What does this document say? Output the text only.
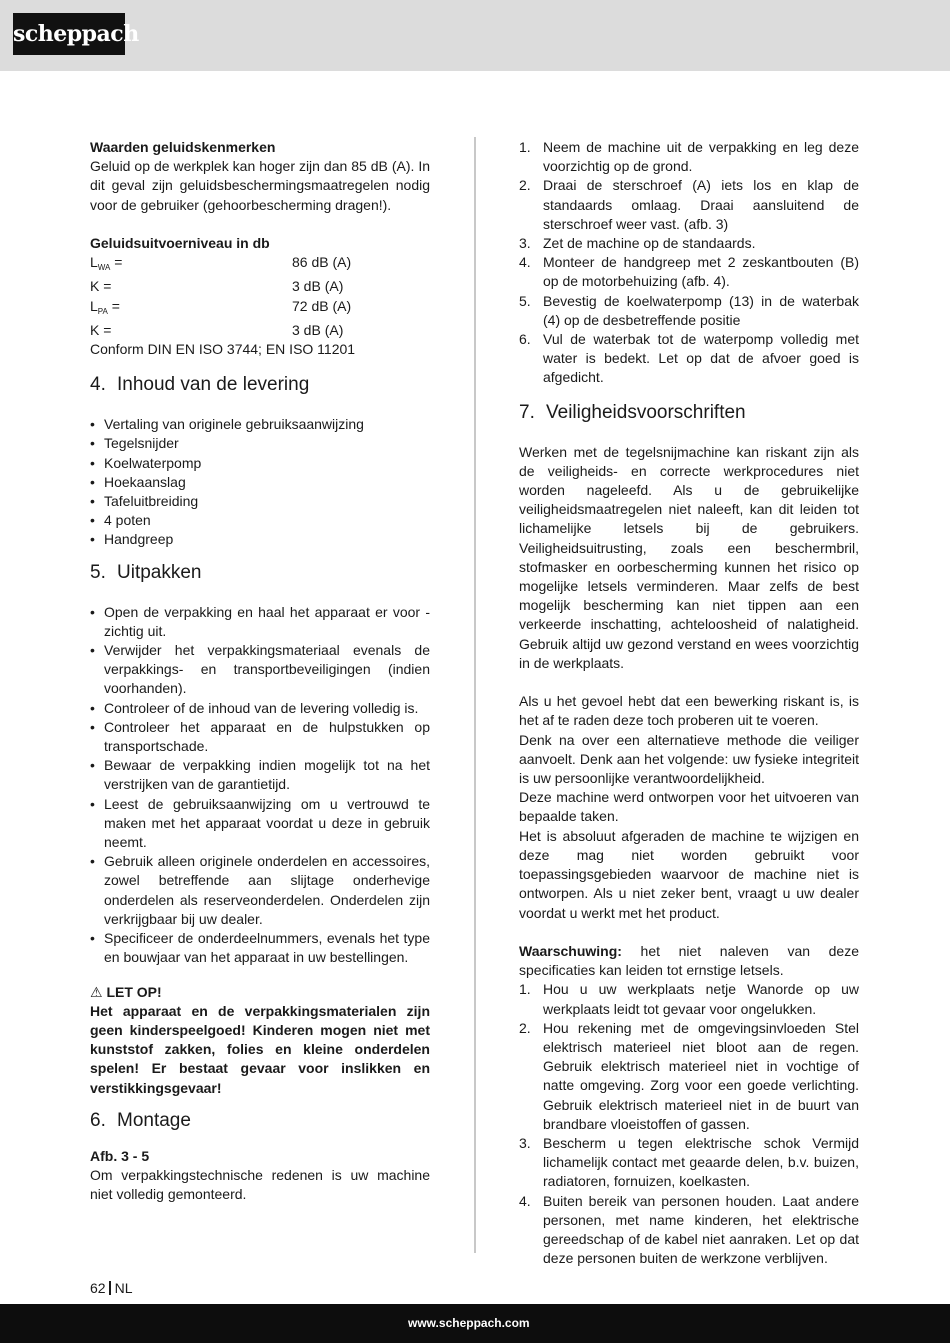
scheppach

Waarden geluidskenmerken

Geluid op de werkplek kan hoger zijn dan 85 dB (A). In dit geval zijn geluidsbeschermingsmaatregelen nodig voor de gebruiker (gehoorbescherming dragen!).

Geluidsuitvoerniveau in db

$L_{WA}$ =	86 dB (A)
K =	3 dB (A)
$L_{PA}$ =	72 dB (A)
K =	3 dB (A)

Conform DIN EN ISO 3744; EN ISO 11201

4. Inhoud van de levering
• Vertaling van originele gebruiksaanwijzing
• Tegelsnijder
• Koelwaterpomp
• Hoekaanslag
• Tafeluitbreiding
• 4 poten
• Handgreep
5. Uitpakken
• Open de verpakking en haal het apparaat er voor - zichtig uit.
• Verwijder het verpakkingsmateriaal evenals de verpakkings- en transportbeveiligingen (indien voorhanden).
• Controleer of de inhoud van de levering volledig is.
• Controleer het apparaat en de hulpstukken op transportschade.
• Bewaar de verpakking indien mogelijk tot na het verstrijken van de garantietijd.
• Leest de gebruiksaanwijzing om u vertrouwd te maken met het apparaat voordat u deze in gebruik neemt.
• Gebruik alleen originele onderdelen en accessoires, zowel betreffende aan slijtage onderhevige onderdelen als reserveonderdelen. Onderdelen zijn verkrijgbaar bij uw dealer.
• Specificeer de onderdeelnummers, evenals het type en bouwjaar van het apparaat in uw bestellingen.

⚠ LET OP!

Het apparaat en de verpakkingsmaterialen zijn geen kinderspeelgoed! Kinderen mogen niet met kunststof zakken, folies en kleine onderdelen spelen! Er bestaat gevaar voor inslikken en verstikkingsgevaar!

6. Montage

Afb. 3 - 5

Om verpakkingstechnische redenen is uw machine niet volledig gemonteerd.

1. Neem de machine uit de verpakking en leg deze voorzichtig op de grond.
2. Draai de sterschroef (A) iets los en klap de standaards omlaag. Draai aansluitend de sterschroef weer vast. (afb. 3)
3. Zet de machine op de standaards.
4. Monteer de handgreep met 2 zeskantbouten (B) op de motorbehuizing (afb. 4).
5. Bevestig de koelwaterpomp (13) in de waterbak (4) op de desbetreffende positie
6. Vul de waterbak tot de waterpomp volledig met water is bedekt. Let op dat de afvoer goed is afgedicht.
7. Veiligheidsvoorschriften

Werken met de tegelsnijmachine kan riskant zijn als de veiligheids- en correcte werkprocedures niet worden nageleefd. Als u de gebruikelijke veiligheidsmaatregelen niet naleeft, kan dit leiden tot lichamelijke letsels bij de gebruikers. Veiligheidsuitrusting, zoals een beschermbril, stofmasker en oorbescherming kunnen het risico op mogelijke letsels verminderen. Maar zelfs de best mogelijk bescherming kan niet tippen aan een verkeerde inschatting, achteloosheid of nalatigheid. Gebruik altijd uw gezond verstand en wees voorzichtig in de werkplaats.

Als u het gevoel hebt dat een bewerking riskant is, is het af te raden deze toch proberen uit te voeren.

Denk na over een alternatieve methode die veiliger aanvoelt. Denk aan het volgende: uw fysieke integriteit is uw persoonlijke verantwoordelijkheid.

Deze machine werd ontworpen voor het uitvoeren van bepaalde taken.

Het is absoluut afgeraden de machine te wijzigen en deze mag niet worden gebruikt voor toepassingsgebieden waarvoor de machine niet is ontworpen. Als u niet zeker bent, vraagt u uw dealer voordat u werkt met het product.

Waarschuwing: het niet naleven van deze specificaties kan leiden tot ernstige letsels.

1. Hou u uw werkplaats netje Wanorde op uw werkplaats leidt tot gevaar voor ongelukken.
2. Hou rekening met de omgevingsinvloeden Stel elektrisch materieel niet bloot aan de regen. Gebruik elektrisch materieel niet in vochtige of natte omgeving. Zorg voor een goede verlichting. Gebruik elektrisch materieel niet in de buurt van brandbare vloeistoffen of gassen.
3. Bescherm u tegen elektrische schok Vermijd lichamelijk contact met geaarde delen, b.v. buizen, radiatoren, fornuizen, koelkasten.
4. Buiten bereik van personen houden. Laat andere personen, met name kinderen, het elektrische gereedschap of de kabel niet aanraken. Let op dat deze personen buiten de werkzone verblijven.
62 NL
www.scheppach.com
